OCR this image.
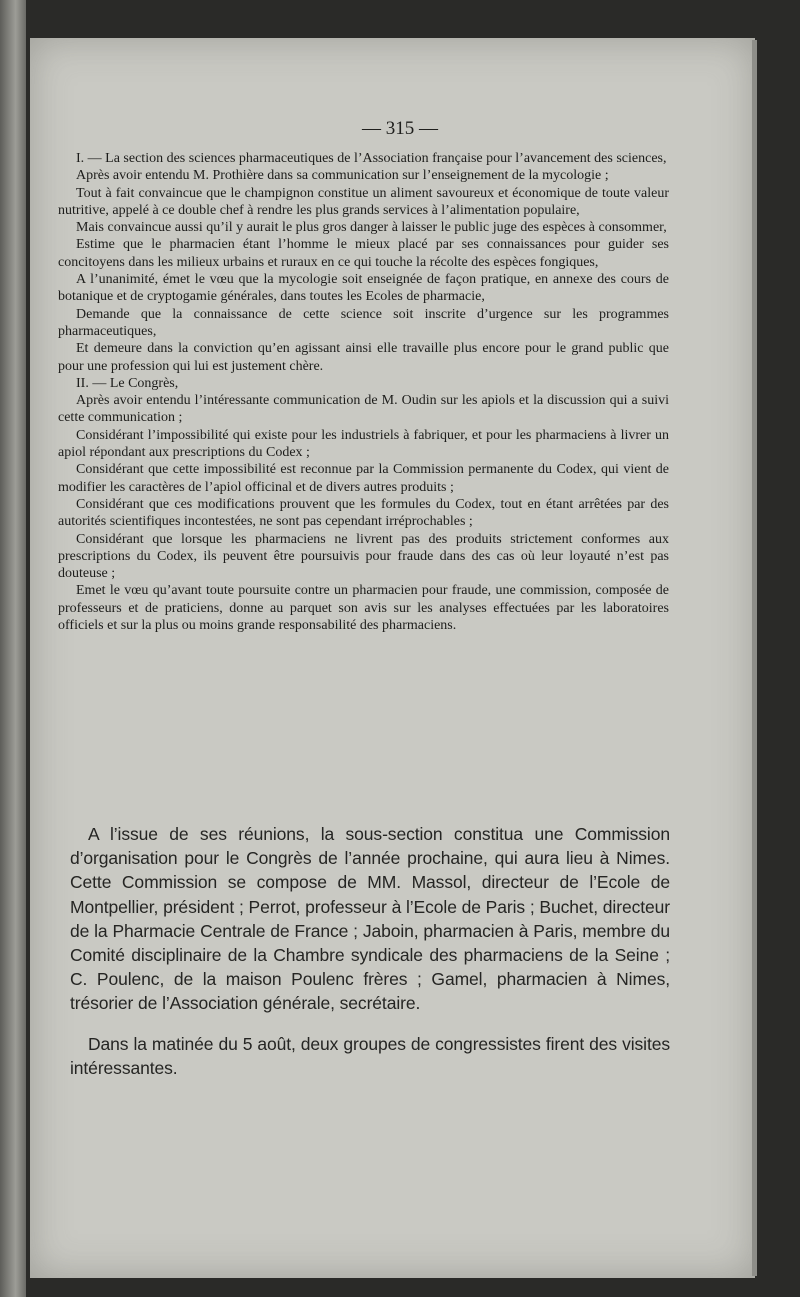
— 315 —

I. — La section des sciences pharmaceutiques de l’Association française pour l’avancement des sciences,

Après avoir entendu M. Prothière dans sa communication sur l’enseignement de la mycologie ;

Tout à fait convaincue que le champignon constitue un aliment savoureux et économique de toute valeur nutritive, appelé à ce double chef à rendre les plus grands services à l’alimentation populaire,

Mais convaincue aussi qu’il y aurait le plus gros danger à laisser le public juge des espèces à consommer,

Estime que le pharmacien étant l’homme le mieux placé par ses connaissances pour guider ses concitoyens dans les milieux urbains et ruraux en ce qui touche la récolte des espèces fongiques,

A l’unanimité, émet le vœu que la mycologie soit enseignée de façon pratique, en annexe des cours de botanique et de cryptogamie générales, dans toutes les Ecoles de pharmacie,

Demande que la connaissance de cette science soit inscrite d’urgence sur les programmes pharmaceutiques,

Et demeure dans la conviction qu’en agissant ainsi elle travaille plus encore pour le grand public que pour une profession qui lui est justement chère.

II. — Le Congrès,

Après avoir entendu l’intéressante communication de M. Oudin sur les apiols et la discussion qui a suivi cette communication ;

Considérant l’impossibilité qui existe pour les industriels à fabriquer, et pour les pharmaciens à livrer un apiol répondant aux prescriptions du Codex ;

Considérant que cette impossibilité est reconnue par la Commission permanente du Codex, qui vient de modifier les caractères de l’apiol officinal et de divers autres produits ;

Considérant que ces modifications prouvent que les formules du Codex, tout en étant arrêtées par des autorités scientifiques incontestées, ne sont pas cependant irréprochables ;

Considérant que lorsque les pharmaciens ne livrent pas des produits strictement conformes aux prescriptions du Codex, ils peuvent être poursuivis pour fraude dans des cas où leur loyauté n’est pas douteuse ;

Emet le vœu qu’avant toute poursuite contre un pharmacien pour fraude, une commission, composée de professeurs et de praticiens, donne au parquet son avis sur les analyses effectuées par les laboratoires officiels et sur la plus ou moins grande responsabilité des pharmaciens.

A l’issue de ses réunions, la sous-section constitua une Commission d’organisation pour le Congrès de l’année prochaine, qui aura lieu à Nimes. Cette Commission se compose de MM. Massol, directeur de l’Ecole de Montpellier, président ; Perrot, professeur à l’Ecole de Paris ; Buchet, directeur de la Pharmacie Centrale de France ; Jaboin, pharmacien à Paris, membre du Comité disciplinaire de la Chambre syndicale des pharmaciens de la Seine ; C. Poulenc, de la maison Poulenc frères ; Gamel, pharmacien à Nimes, trésorier de l’Association générale, secrétaire.

Dans la matinée du 5 août, deux groupes de congressistes firent des visites intéressantes.
